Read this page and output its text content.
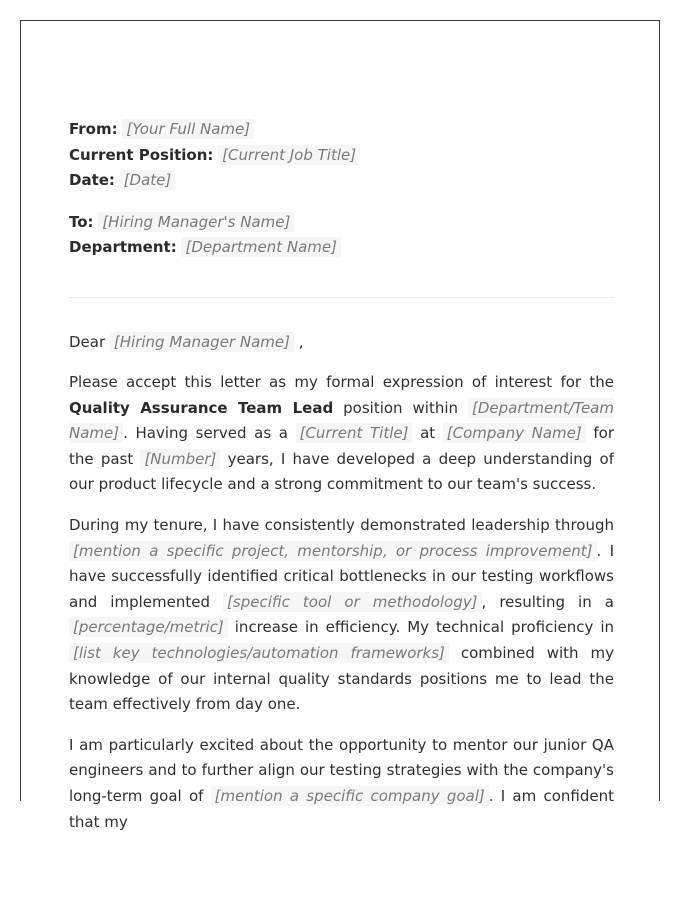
From: [Your Full Name]
Current Position: [Current Job Title]
Date: [Date]
To: [Hiring Manager's Name]
Department: [Department Name]
Dear [Hiring Manager Name] ,

Please accept this letter as my formal expression of interest for the Quality Assurance Team Lead position within [Department/Team Name] . Having served as a [Current Title] at [Company Name] for the past [Number] years, I have developed a deep understanding of our product lifecycle and a strong commitment to our team's success.

During my tenure, I have consistently demonstrated leadership through [mention a specific project, mentorship, or process improvement] . I have successfully identified critical bottlenecks in our testing workflows and implemented [specific tool or methodology] , resulting in a [percentage/metric] increase in efficiency. My technical proficiency in [list key technologies/automation frameworks] combined with my knowledge of our internal quality standards positions me to lead the team effectively from day one.

I am particularly excited about the opportunity to mentor our junior QA engineers and to further align our testing strategies with the company's long-term goal of [mention a specific company goal] . I am confident that my
